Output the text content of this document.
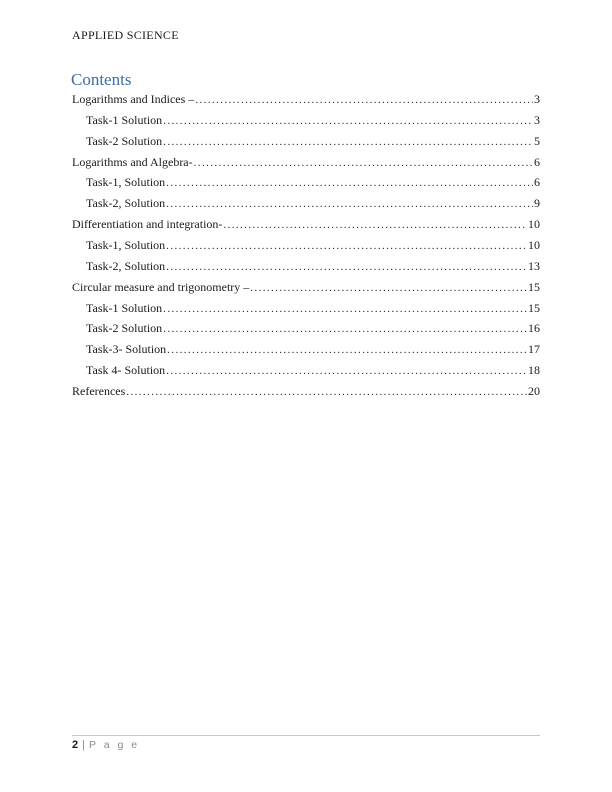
APPLIED SCIENCE
Contents
Logarithms and Indices – .....	3
Task-1 Solution .....	3
Task-2 Solution .....	5
Logarithms and Algebra- .....	6
Task-1, Solution .....	6
Task-2, Solution .....	9
Differentiation and integration- .....	10
Task-1, Solution .....	10
Task-2, Solution .....	13
Circular measure and trigonometry – .....	15
Task-1 Solution .....	15
Task-2 Solution .....	16
Task-3- Solution .....	17
Task 4- Solution .....	18
References .....	20
2 | P a g e
